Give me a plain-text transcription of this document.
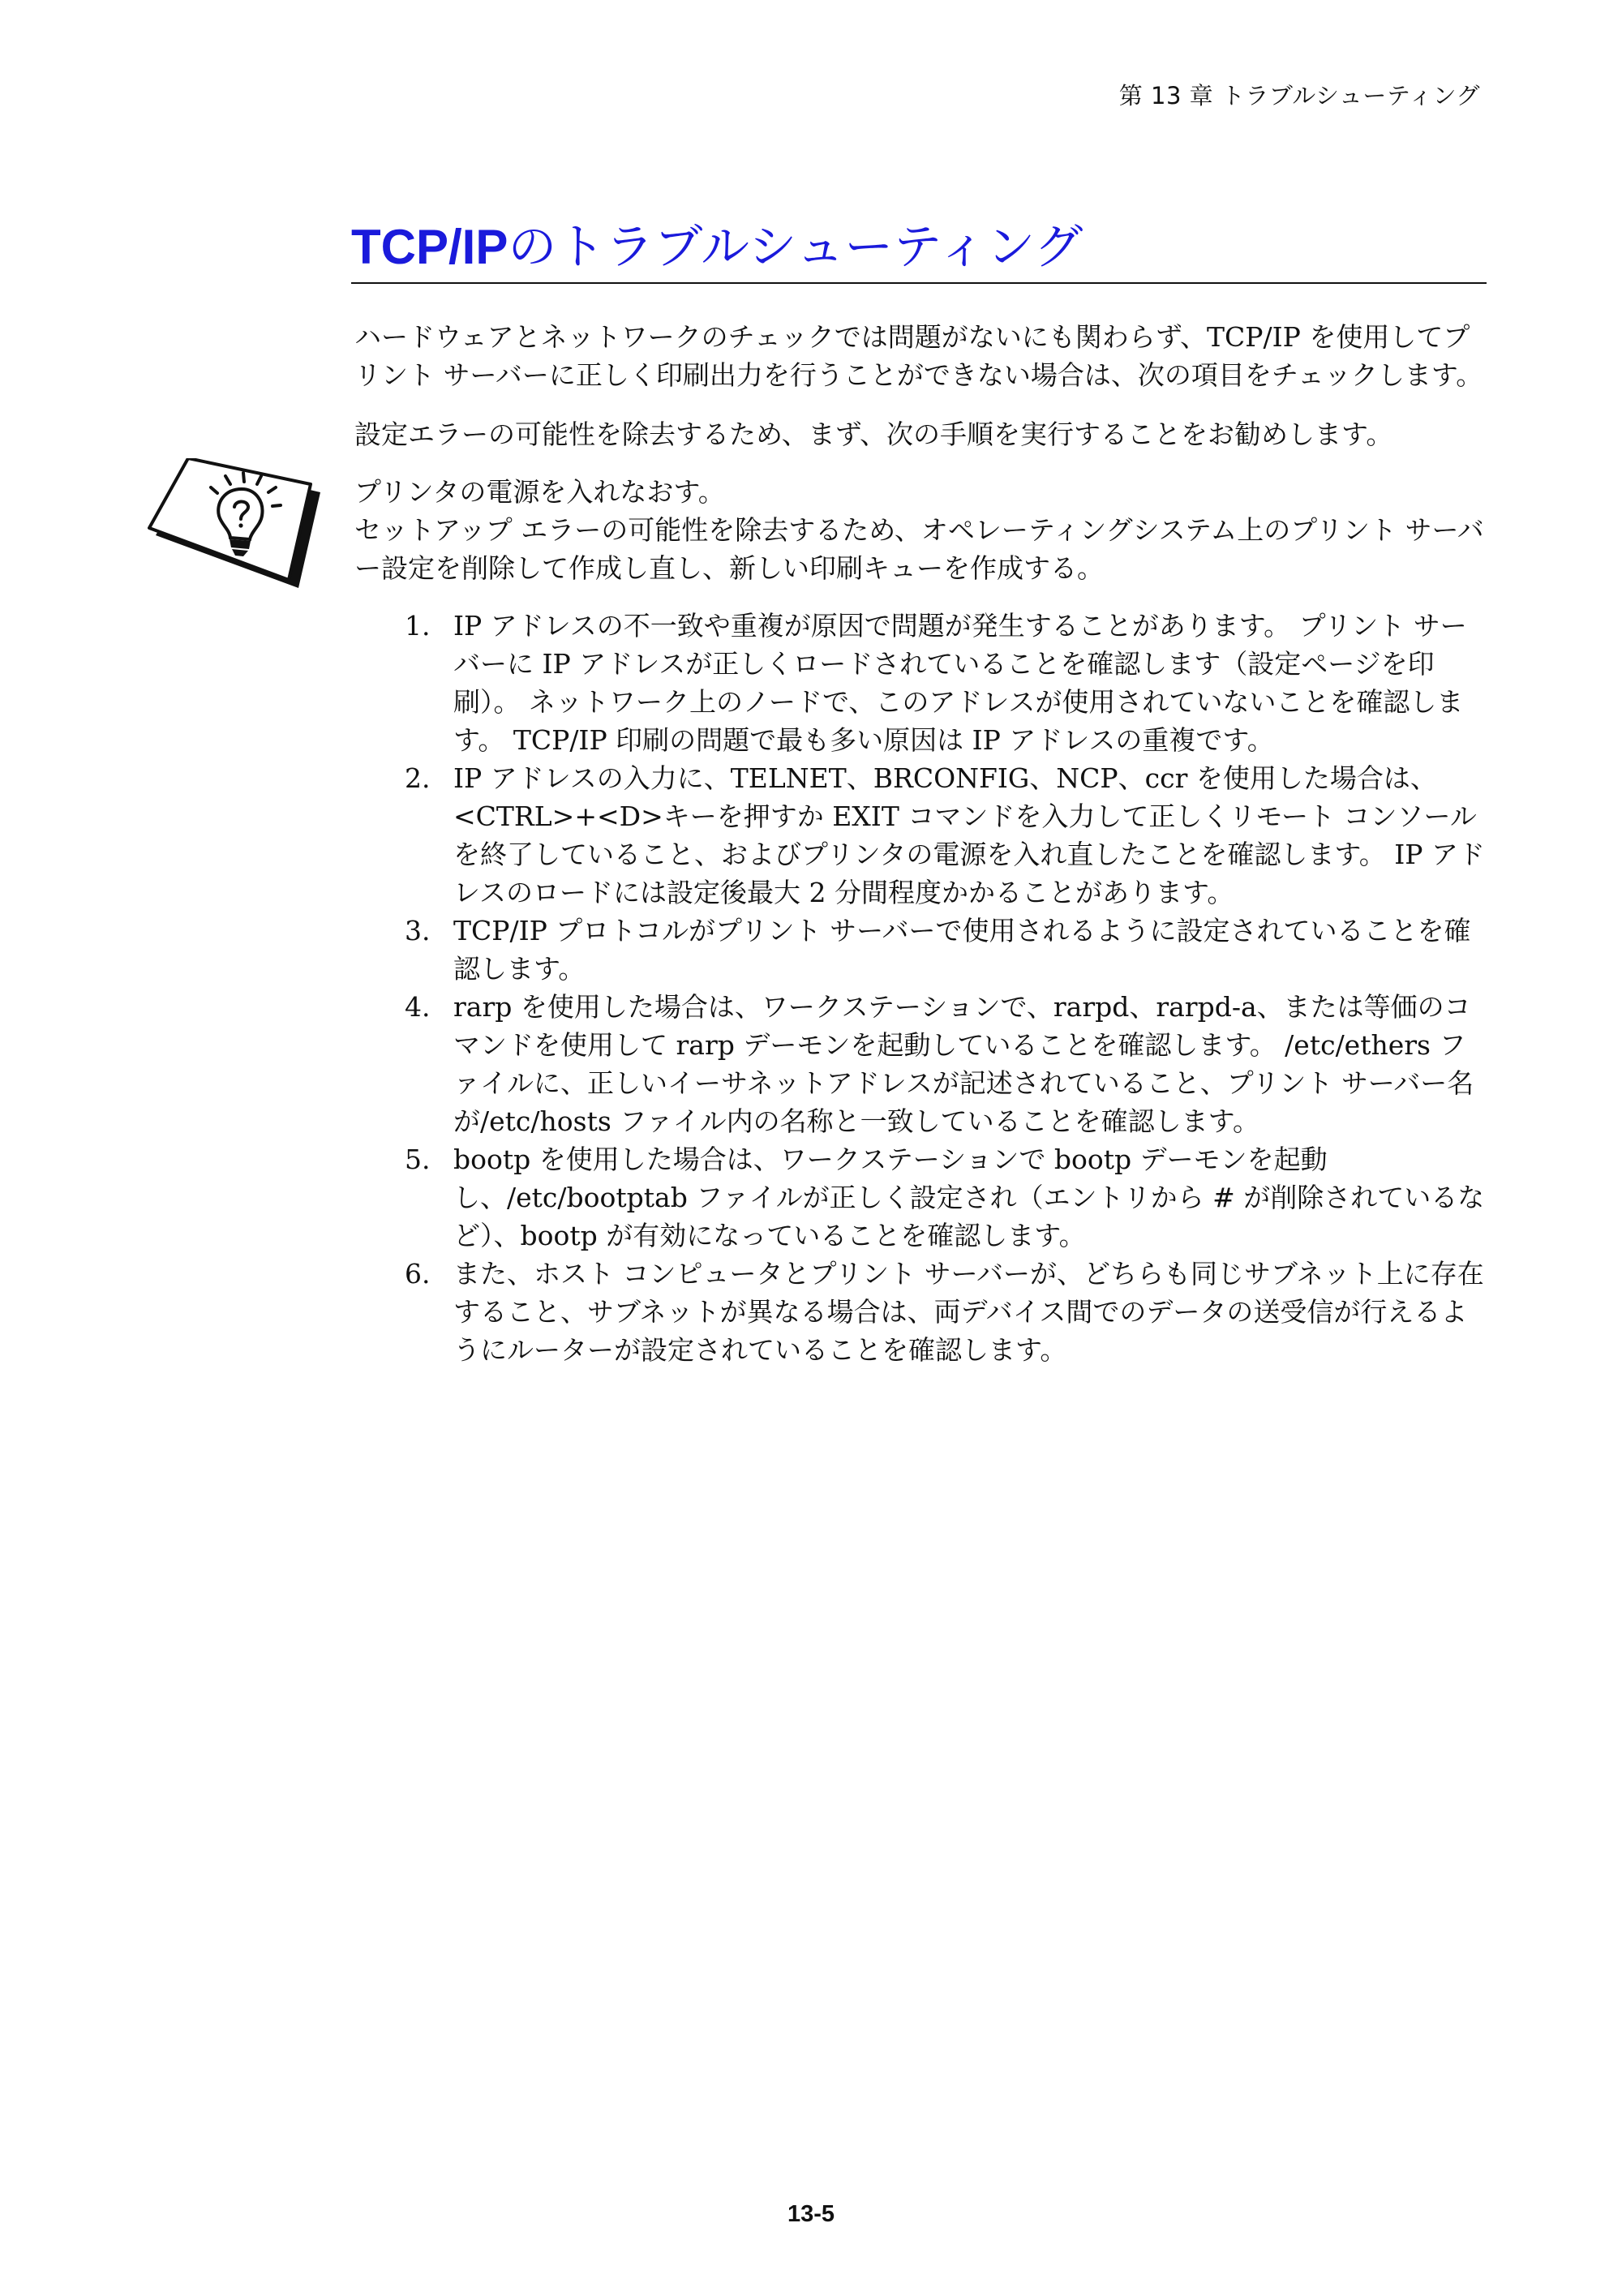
第 13 章 トラブルシューティング
TCP/IPのトラブルシューティング

ハードウェアとネットワークのチェックでは問題がないにも関わらず、TCP/IP を使用してプリント サーバーに正しく印刷出力を行うことができない場合は、次の項目をチェックします。

設定エラーの可能性を除去するため、まず、次の手順を実行することをお勧めします。

プリンタの電源を入れなおす。

セットアップ エラーの可能性を除去するため、オペレーティングシステム上のプリント サーバー設定を削除して作成し直し、新しい印刷キューを作成する。

1. IP アドレスの不一致や重複が原因で問題が発生することがあります。 プリント サーバーに IP アドレスが正しくロードされていることを確認します（設定ページを印刷）。 ネットワーク上のノードで、このアドレスが使用されていないことを確認します。 TCP/IP 印刷の問題で最も多い原因は IP アドレスの重複です。
2. IP アドレスの入力に、TELNET、BRCONFIG、NCP、ccr を使用した場合は、<CTRL>+<D>キーを押すか EXIT コマンドを入力して正しくリモート コンソールを終了していること、およびプリンタの電源を入れ直したことを確認します。 IP アドレスのロードには設定後最大 2 分間程度かかることがあります。
3. TCP/IP プロトコルがプリント サーバーで使用されるように設定されていることを確認します。
4. rarp を使用した場合は、ワークステーションで、rarpd、rarpd-a、または等価のコマンドを使用して rarp デーモンを起動していることを確認します。 /etc/ethers ファイルに、正しいイーサネットアドレスが記述されていること、プリント サーバー名が/etc/hosts ファイル内の名称と一致していることを確認します。
5. bootp を使用した場合は、ワークステーションで bootp デーモンを起動し、/etc/bootptab ファイルが正しく設定され（エントリから # が削除されているなど）、bootp が有効になっていることを確認します。
6. また、ホスト コンピュータとプリント サーバーが、どちらも同じサブネット上に存在すること、サブネットが異なる場合は、両デバイス間でのデータの送受信が行えるようにルーターが設定されていることを確認します。
13-5
